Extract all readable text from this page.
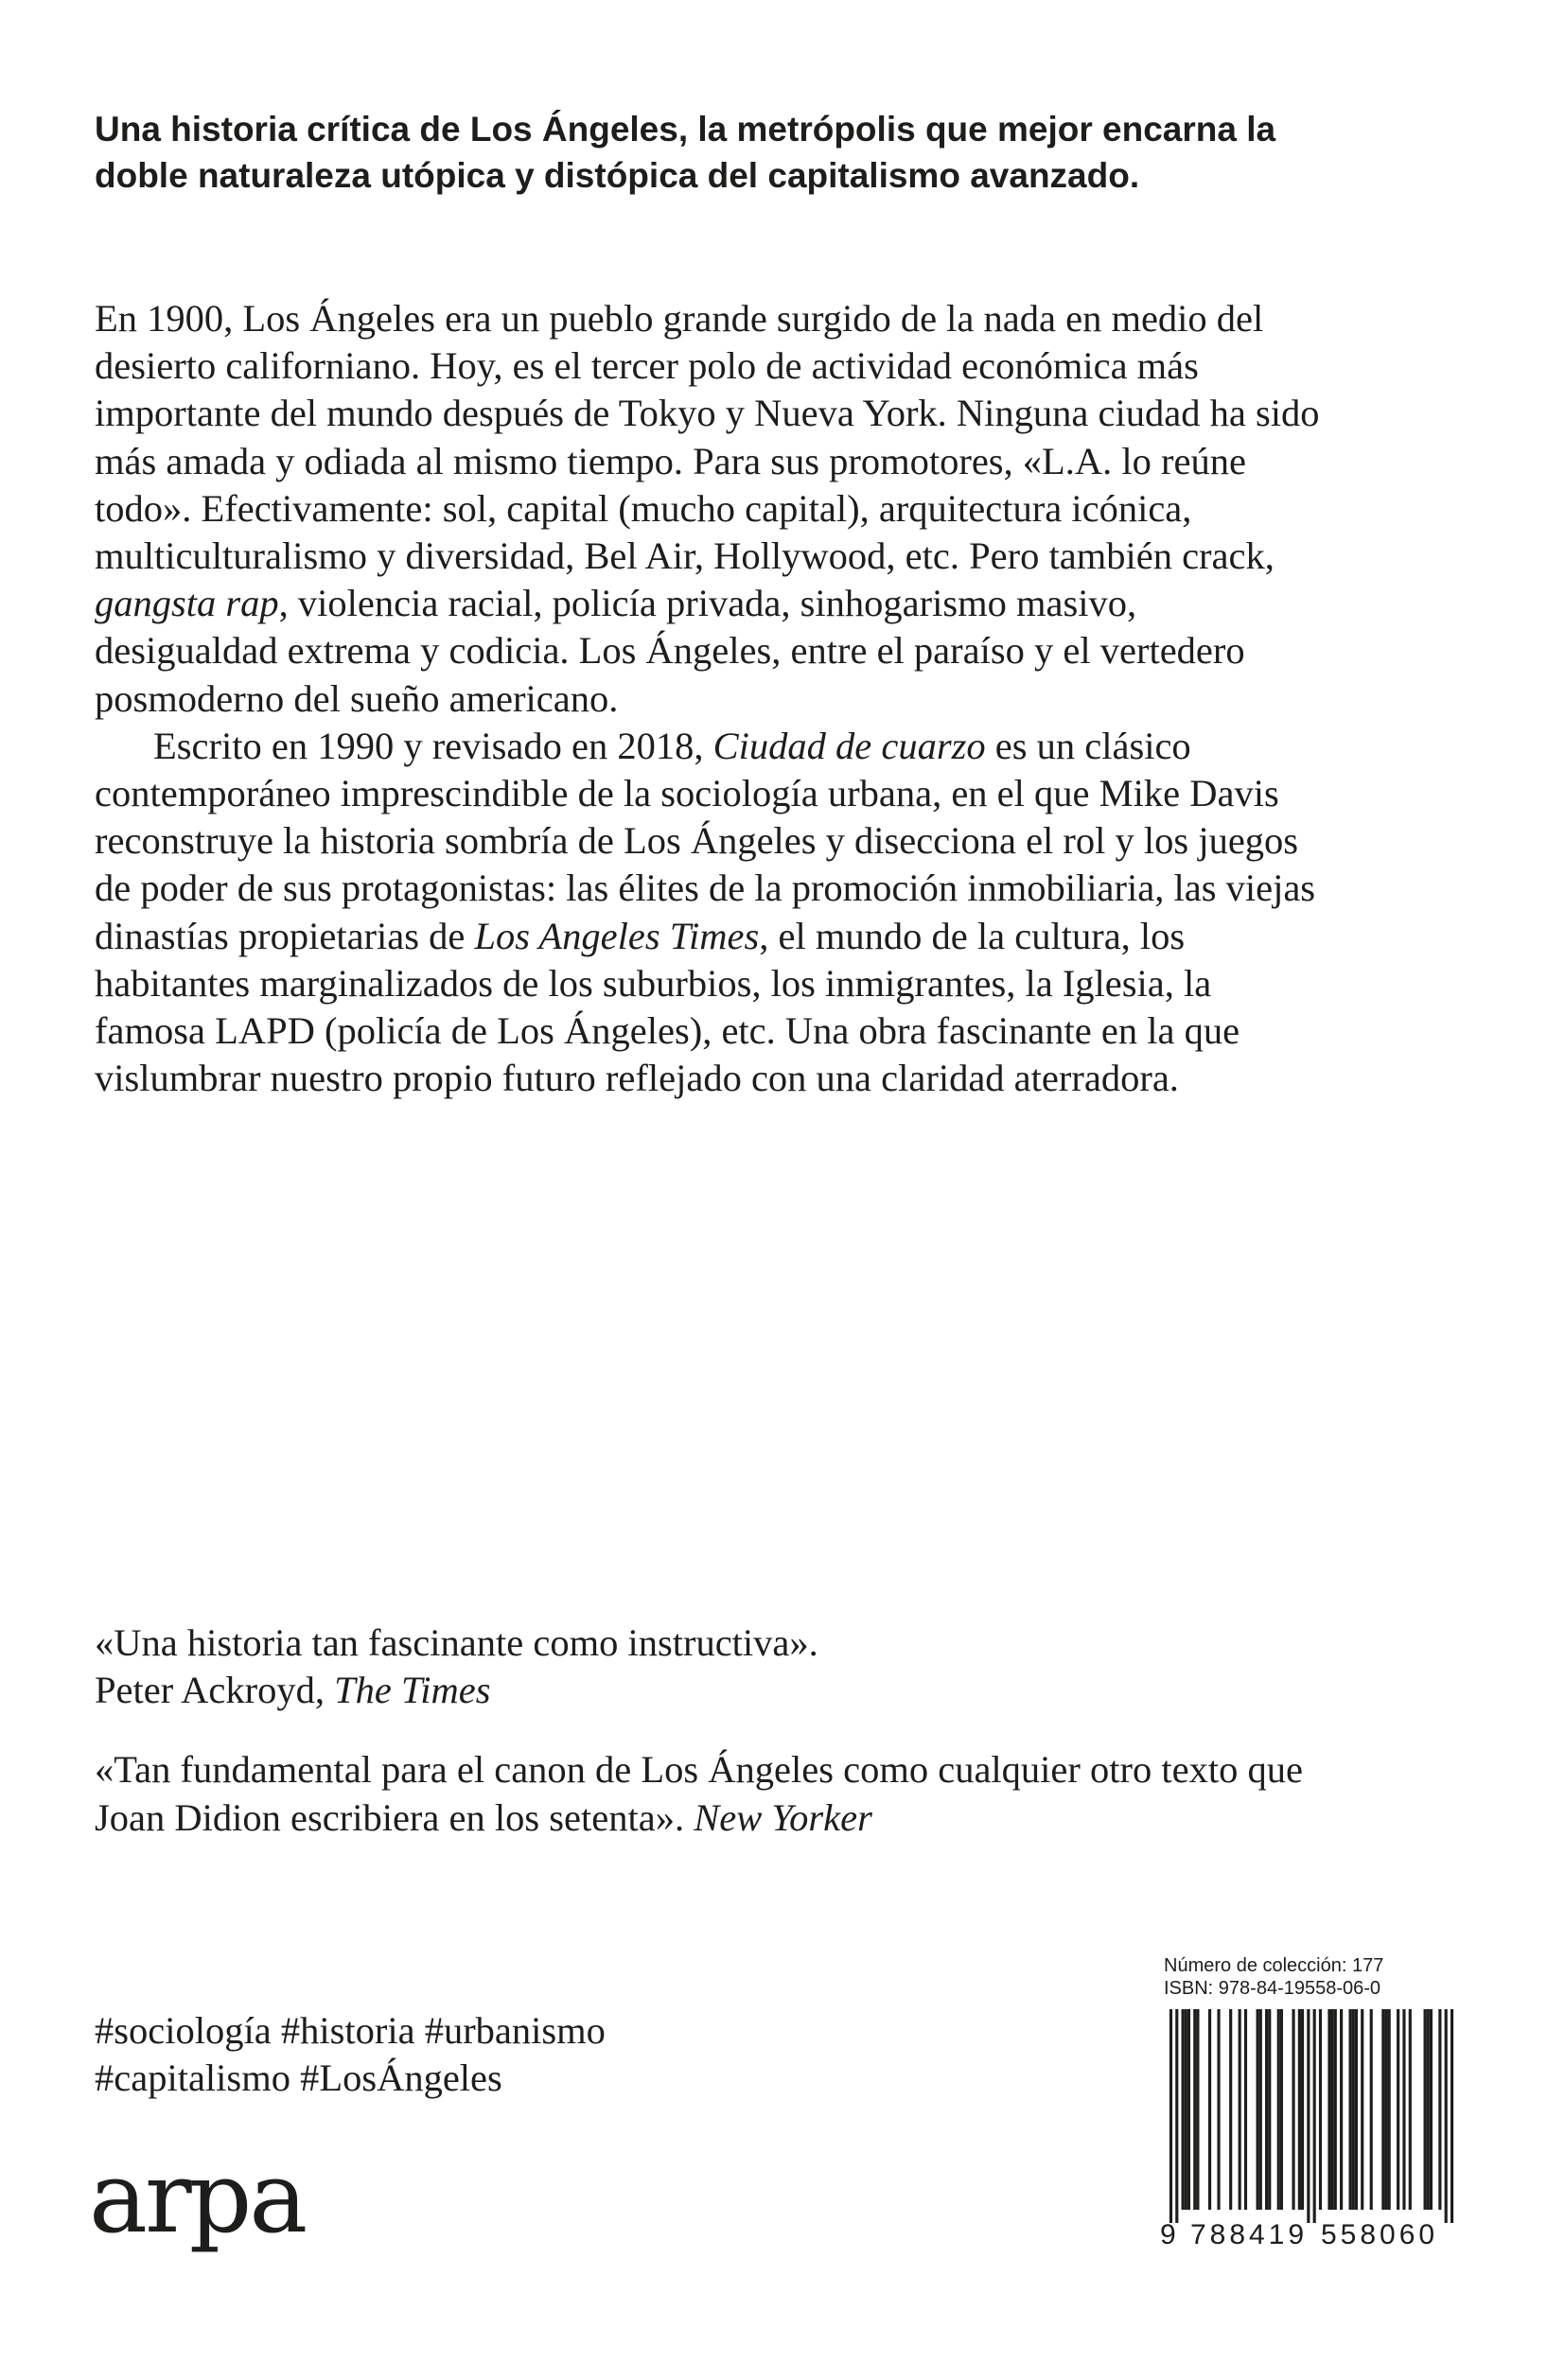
Una historia crítica de Los Ángeles, la metrópolis que mejor encarna la doble naturaleza utópica y distópica del capitalismo avanzado.

En 1900, Los Ángeles era un pueblo grande surgido de la nada en medio del desierto californiano. Hoy, es el tercer polo de actividad económica más importante del mundo después de Tokyo y Nueva York. Ninguna ciudad ha sido más amada y odiada al mismo tiempo. Para sus promotores, «L.A. lo reúne todo». Efectivamente: sol, capital (mucho capital), arquitectura icónica, multiculturalismo y diversidad, Bel Air, Hollywood, etc. Pero también crack, gangsta rap, violencia racial, policía privada, sinhogarismo masivo, desigualdad extrema y codicia. Los Ángeles, entre el paraíso y el vertedero posmoderno del sueño americano.

Escrito en 1990 y revisado en 2018, Ciudad de cuarzo es un clásico contemporáneo imprescindible de la sociología urbana, en el que Mike Davis reconstruye la historia sombría de Los Ángeles y disecciona el rol y los juegos de poder de sus protagonistas: las élites de la promoción inmobiliaria, las viejas dinastías propietarias de Los Angeles Times, el mundo de la cultura, los habitantes marginalizados de los suburbios, los inmigrantes, la Iglesia, la famosa LAPD (policía de Los Ángeles), etc. Una obra fascinante en la que vislumbrar nuestro propio futuro reflejado con una claridad aterradora.

«Una historia tan fascinante como instructiva».
Peter Ackroyd, The Times

«Tan fundamental para el canon de Los Ángeles como cualquier otro texto que Joan Didion escribiera en los setenta». New Yorker

#sociología #historia #urbanismo
#capitalismo #LosÁngeles
arpa
Número de colección: 177
ISBN: 978-84-19558-06-0
9 788419 558060
